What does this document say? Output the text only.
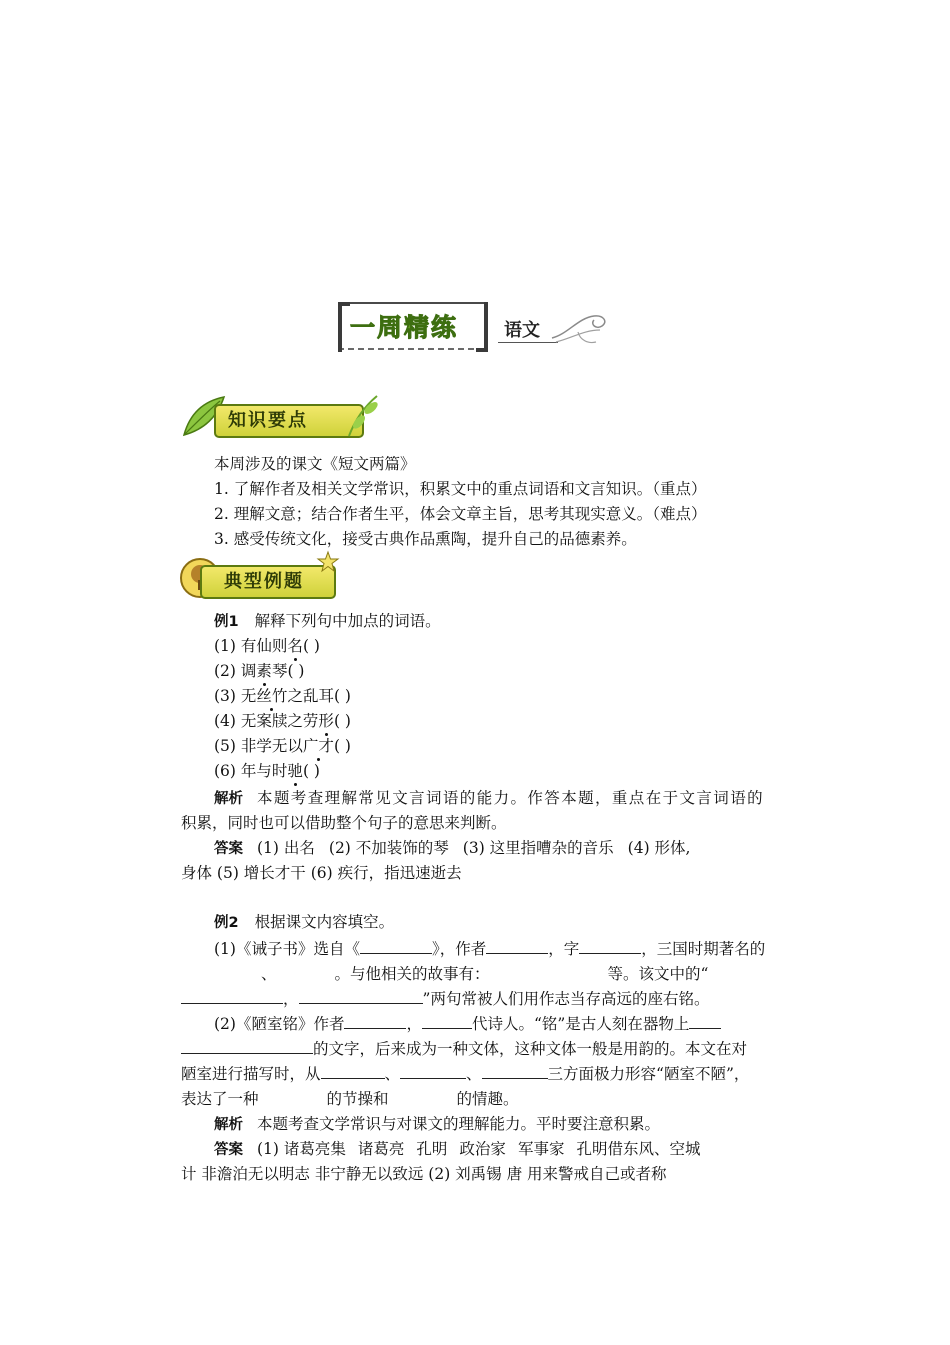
一周精练	语文
知识要点
本周涉及的课文《短文两篇》
1. 了解作者及相关文学常识，积累文中的重点词语和文言知识。（重点）
2. 理解文意；结合作者生平，体会文章主旨，思考其现实意义。（难点）
3. 感受传统文化，接受古典作品熏陶，提升自己的品德素养。
典型例题
例1 解释下列句中加点的词语。
(1) 有仙则名( )
(2) 调素琴( )
(3) 无丝竹之乱耳( )
(4) 无案牍之劳形( )
(5) 非学无以广才( )
(6) 年与时驰( )
解析 本题考查理解常见文言词语的能力。作答本题，重点在于文言词语的
积累，同时也可以借助整个句子的意思来判断。
答案 (1) 出名 (2) 不加装饰的琴 (3) 这里指嘈杂的音乐 (4) 形体,
身体 (5) 增长才干 (6) 疾行，指迅速逝去
例2 根据课文内容填空。
(1)《诫子书》选自《	》，作者	，字	，三国时期著名的
、	。与他相关的故事有：	等。该文中的“
，	”两句常被人们用作志当存高远的座右铭。
(2)《陋室铭》作者	，	代诗人。“铭”是古人刻在器物上
的文字，后来成为一种文体，这种文体一般是用韵的。本文在对
陋室进行描写时，从	、	、	三方面极力形容“陋室不陋”，
表达了一种	的节操和	的情趣。
解析 本题考查文学常识与对课文的理解能力。平时要注意积累。
答案 (1) 诸葛亮集 诸葛亮 孔明 政治家 军事家 孔明借东风、空城
计 非澹泊无以明志 非宁静无以致远 (2) 刘禹锡 唐 用来警戒自己或者称
